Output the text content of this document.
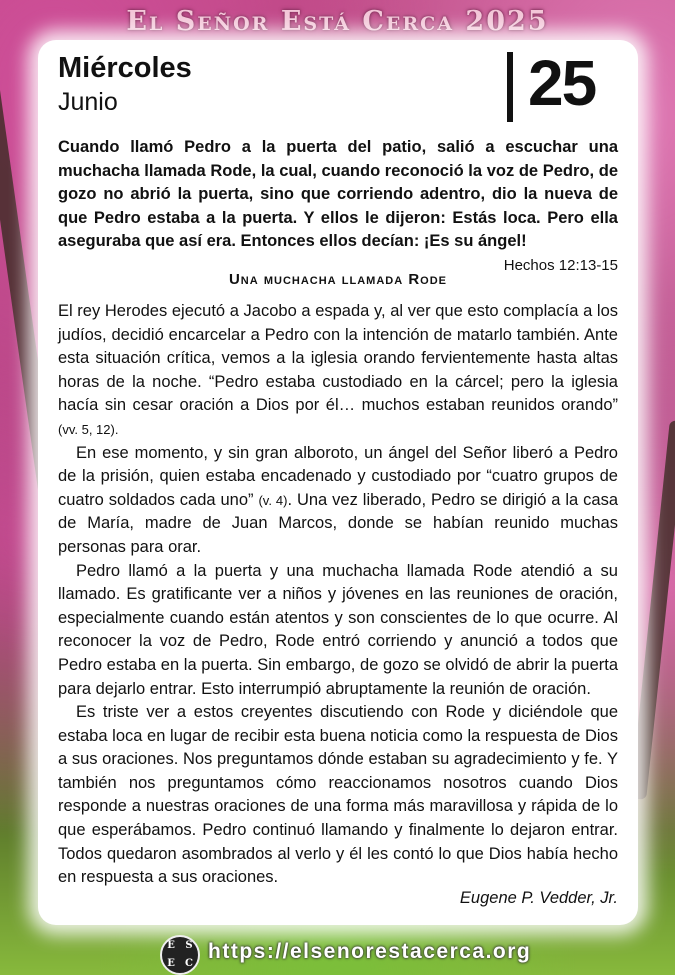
El Señor Está Cerca 2025
Miércoles
Junio	25
Cuando llamó Pedro a la puerta del patio, salió a escuchar una muchacha llamada Rode, la cual, cuando reconoció la voz de Pedro, de gozo no abrió la puerta, sino que corriendo adentro, dio la nueva de que Pedro estaba a la puerta. Y ellos le dijeron: Estás loca. Pero ella aseguraba que así era. Entonces ellos decían: ¡Es su ángel!
Hechos 12:13-15
Una muchacha llamada Rode

El rey Herodes ejecutó a Jacobo a espada y, al ver que esto complacía a los judíos, decidió encarcelar a Pedro con la intención de matarlo también. Ante esta situación crítica, vemos a la iglesia orando fervientemente hasta altas horas de la noche. “Pedro estaba custodiado en la cárcel; pero la iglesia hacía sin cesar oración a Dios por él… muchos estaban reunidos orando” (vv. 5, 12).

En ese momento, y sin gran alboroto, un ángel del Señor liberó a Pedro de la prisión, quien estaba encadenado y custodiado por “cuatro grupos de cuatro soldados cada uno” (v. 4). Una vez liberado, Pedro se dirigió a la casa de María, madre de Juan Marcos, donde se habían reunido muchas personas para orar.

Pedro llamó a la puerta y una muchacha llamada Rode atendió a su llamado. Es gratificante ver a niños y jóvenes en las reuniones de oración, especialmente cuando están atentos y son conscientes de lo que ocurre. Al reconocer la voz de Pedro, Rode entró corriendo y anunció a todos que Pedro estaba en la puerta. Sin embargo, de gozo se olvidó de abrir la puerta para dejarlo entrar. Esto interrumpió abruptamente la reunión de oración.

Es triste ver a estos creyentes discutiendo con Rode y diciéndole que estaba loca en lugar de recibir esta buena noticia como la respuesta de Dios a sus oraciones. Nos preguntamos dónde estaban su agradecimiento y fe. Y también nos preguntamos cómo reaccionamos nosotros cuando Dios responde a nuestras oraciones de una forma más maravillosa y rápida de lo que esperábamos. Pedro continuó llamando y finalmente lo dejaron entrar. Todos quedaron asombrados al verlo y él les contó lo que Dios había hecho en respuesta a sus oraciones.

Eugene P. Vedder, Jr.
E S
E C
https://elsenorestacerca.org
